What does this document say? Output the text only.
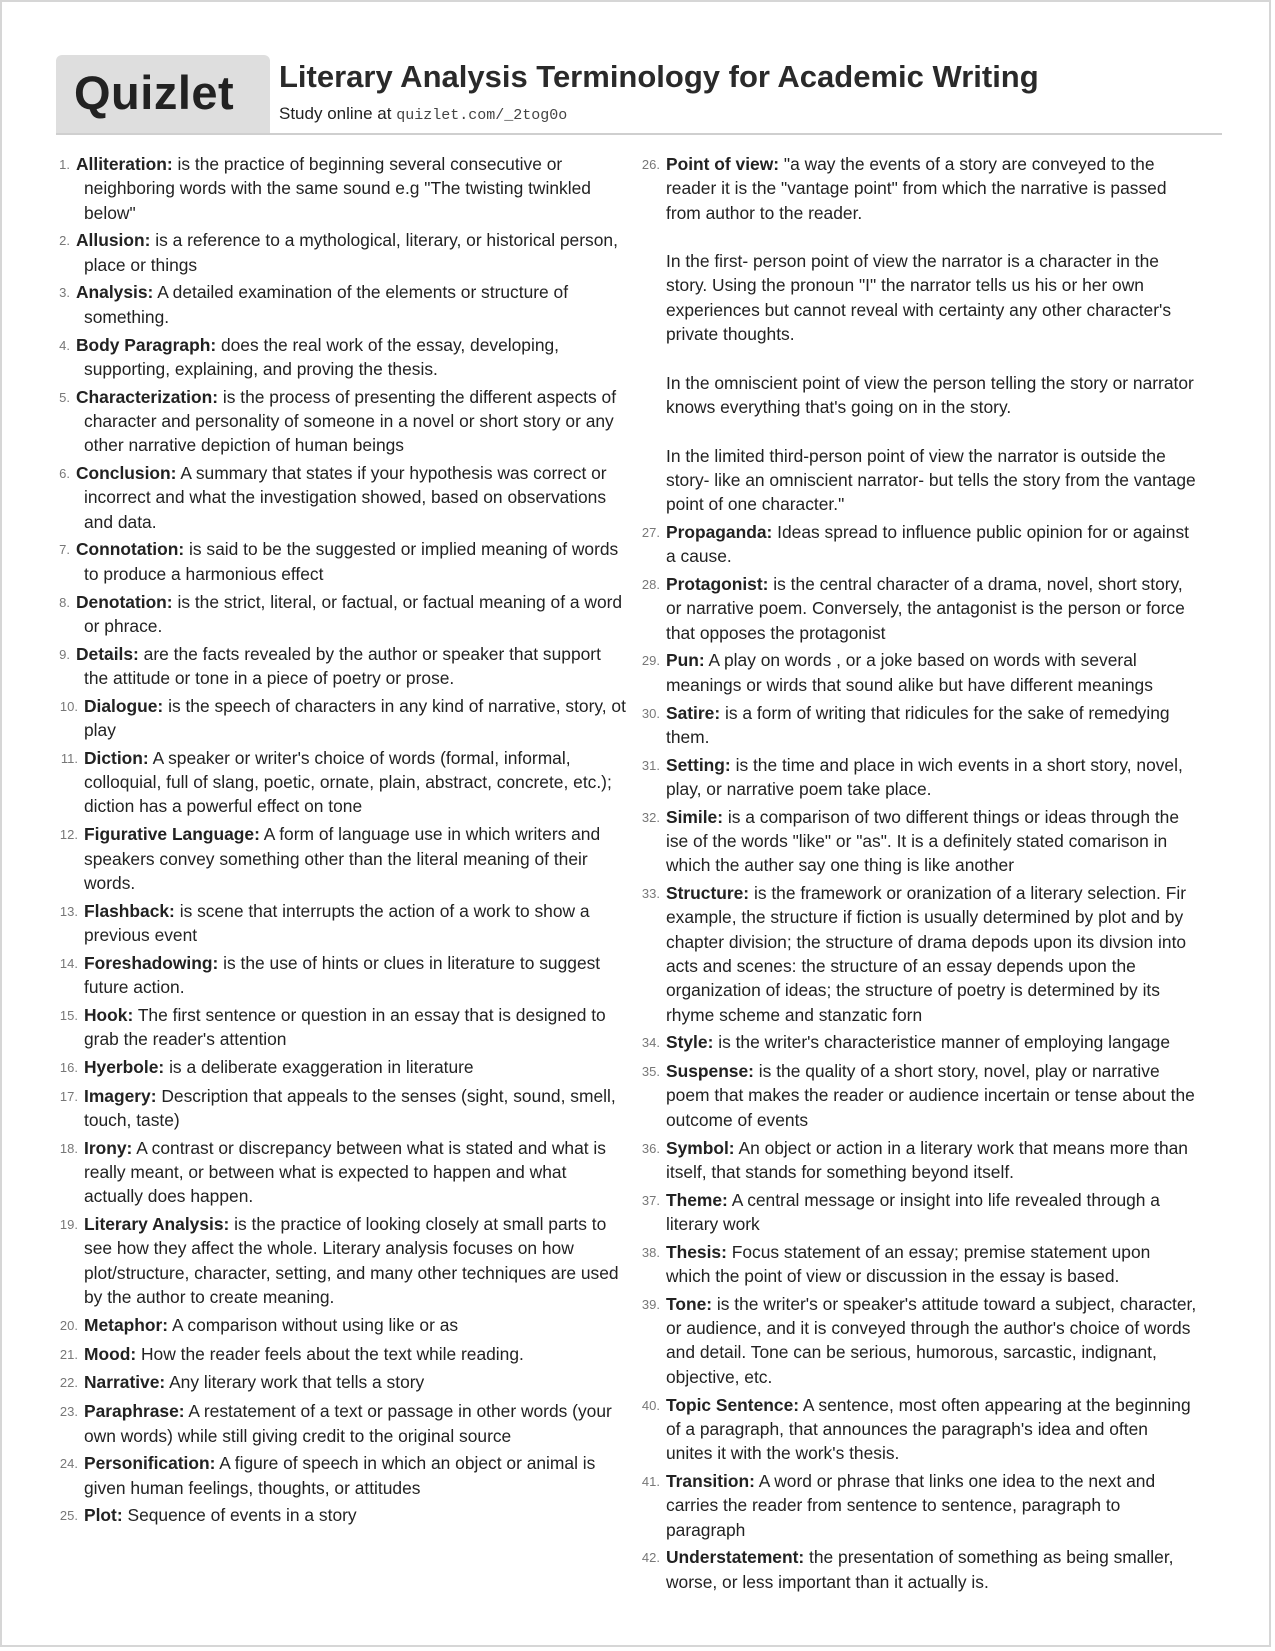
Quizlet Literary Analysis Terminology for Academic Writing
Study online at quizlet.com/_2tog0o
1. Alliteration: is the practice of beginning several consecutive or neighboring words with the same sound e.g "The twisting twinkled below"
2. Allusion: is a reference to a mythological, literary, or historical person, place or things
3. Analysis: A detailed examination of the elements or structure of something.
4. Body Paragraph: does the real work of the essay, developing, supporting, explaining, and proving the thesis.
5. Characterization: is the process of presenting the different aspects of character and personality of someone in a novel or short story or any other narrative depiction of human beings
6. Conclusion: A summary that states if your hypothesis was correct or incorrect and what the investigation showed, based on observations and data.
7. Connotation: is said to be the suggested or implied meaning of words to produce a harmonious effect
8. Denotation: is the strict, literal, or factual, or factual meaning of a word or phrace.
9. Details: are the facts revealed by the author or speaker that support the attitude or tone in a piece of poetry or prose.
10. Dialogue: is the speech of characters in any kind of narrative, story, ot play
11. Diction: A speaker or writer's choice of words (formal, informal, colloquial, full of slang, poetic, ornate, plain, abstract, concrete, etc.); diction has a powerful effect on tone
12. Figurative Language: A form of language use in which writers and speakers convey something other than the literal meaning of their words.
13. Flashback: is scene that interrupts the action of a work to show a previous event
14. Foreshadowing: is the use of hints or clues in literature to suggest future action.
15. Hook: The first sentence or question in an essay that is designed to grab the reader's attention
16. Hyerbole: is a deliberate exaggeration in literature
17. Imagery: Description that appeals to the senses (sight, sound, smell, touch, taste)
18. Irony: A contrast or discrepancy between what is stated and what is really meant, or between what is expected to happen and what actually does happen.
19. Literary Analysis: is the practice of looking closely at small parts to see how they affect the whole. Literary analysis focuses on how plot/structure, character, setting, and many other techniques are used by the author to create meaning.
20. Metaphor: A comparison without using like or as
21. Mood: How the reader feels about the text while reading.
22. Narrative: Any literary work that tells a story
23. Paraphrase: A restatement of a text or passage in other words (your own words) while still giving credit to the original source
24. Personification: A figure of speech in which an object or animal is given human feelings, thoughts, or attitudes
25. Plot: Sequence of events in a story
26. Point of view: "a way the events of a story are conveyed to the reader it is the "vantage point" from which the narrative is passed from author to the reader.
In the first- person point of view the narrator is a character in the story. Using the pronoun "I" the narrator tells us his or her own experiences but cannot reveal with certainty any other character's private thoughts.
In the omniscient point of view the person telling the story or narrator knows everything that's going on in the story.
In the limited third-person point of view the narrator is outside the story- like an omniscient narrator- but tells the story from the vantage point of one character."
27. Propaganda: Ideas spread to influence public opinion for or against a cause.
28. Protagonist: is the central character of a drama, novel, short story, or narrative poem. Conversely, the antagonist is the person or force that opposes the protagonist
29. Pun: A play on words , or a joke based on words with several meanings or wirds that sound alike but have different meanings
30. Satire: is a form of writing that ridicules for the sake of remedying them.
31. Setting: is the time and place in wich events in a short story, novel, play, or narrative poem take place.
32. Simile: is a comparison of two different things or ideas through the ise of the words "like" or "as". It is a definitely stated comarison in which the auther say one thing is like another
33. Structure: is the framework or oranization of a literary selection. Fir example, the structure if fiction is usually determined by plot and by chapter division; the structure of drama depods upon its divsion into acts and scenes: the structure of an essay depends upon the organization of ideas; the structure of poetry is determined by its rhyme scheme and stanzatic forn
34. Style: is the writer's characteristice manner of employing langage
35. Suspense: is the quality of a short story, novel, play or narrative poem that makes the reader or audience incertain or tense about the outcome of events
36. Symbol: An object or action in a literary work that means more than itself, that stands for something beyond itself.
37. Theme: A central message or insight into life revealed through a literary work
38. Thesis: Focus statement of an essay; premise statement upon which the point of view or discussion in the essay is based.
39. Tone: is the writer's or speaker's attitude toward a subject, character, or audience, and it is conveyed through the author's choice of words and detail. Tone can be serious, humorous, sarcastic, indignant, objective, etc.
40. Topic Sentence: A sentence, most often appearing at the beginning of a paragraph, that announces the paragraph's idea and often unites it with the work's thesis.
41. Transition: A word or phrase that links one idea to the next and carries the reader from sentence to sentence, paragraph to paragraph
42. Understatement: the presentation of something as being smaller, worse, or less important than it actually is.
